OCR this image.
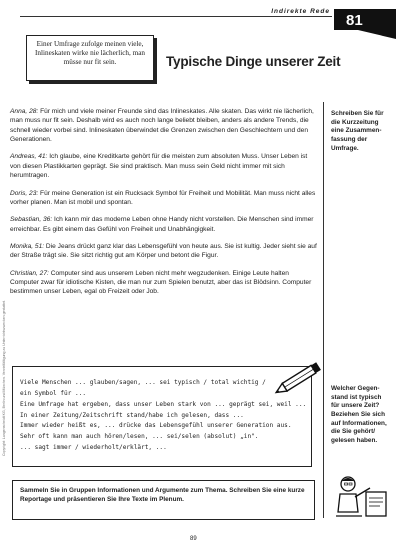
Indirekte Rede
81
Einer Umfrage zufolge meinen viele, Inlineskaten wirke nie lächerlich, man müsse nur fit sein.	Typische Dinge unserer Zeit

Anna, 28: Für mich und viele meiner Freunde sind das Inlineskates. Alle skaten. Das wirkt nie lächerlich, man muss nur fit sein. Deshalb wird es auch noch lange beliebt bleiben, anders als andere Trends, die schnell wieder vorbei sind. Inlineskaten überwindet die Grenzen zwischen den Geschlechtern und den Generationen.

Andreas, 41: Ich glaube, eine Kreditkarte gehört für die meisten zum absoluten Muss. Unser Leben ist von diesen Plastikkarten geprägt. Sie sind praktisch. Man muss sein Geld nicht immer mit sich herumtragen.

Doris, 23: Für meine Generation ist ein Rucksack Symbol für Freiheit und Mobilität. Man muss nicht alles vorher planen. Man ist mobil und spontan.

Sebastian, 36: Ich kann mir das moderne Leben ohne Handy nicht vorstellen. Die Menschen sind immer erreichbar. Es gibt einem das Gefühl von Freiheit und Unabhängigkeit.

Monika, 51: Die Jeans drückt ganz klar das Lebensgefühl von heute aus. Sie ist kultig. Jeder sieht sie auf der Straße trägt sie. Sie sitzt richtig gut am Körper und betont die Figur.

Christian, 27: Computer sind aus unserem Leben nicht mehr wegzudenken. Einige Leute halten Computer zwar für idiotische Kisten, die man nur zum Spielen benutzt, aber das ist Blödsinn. Computer bestimmen unser Leben, egal ob Freizeit oder Job.

Schreiben Sie für die Kurzzeitung eine Zusammenfassung der Umfrage.
Welcher Gegenstand ist typisch für unsere Zeit? Beziehen Sie sich auf Informationen, die Sie gehört/ gelesen haben.
Viele Menschen ... glauben/sagen, ... sei typisch / total wichtig /
ein Symbol für ...
Eine Umfrage hat ergeben, dass unser Leben stark von ... geprägt sei, weil ...
In einer Zeitung/Zeitschrift stand/habe ich gelesen, dass ...
Immer wieder heißt es, ... drücke das Lebensgefühl unserer Generation aus.
Sehr oft kann man auch hören/lesen, ... sei/selen (absolut) „in".
... sagt immer / wiederholt/erklärt, ...
Sammeln Sie in Gruppen Informationen und Argumente zum Thema. Schreiben Sie eine kurze Reportage und präsentieren Sie Ihre Texte im Plenum.
89
Copyright: Langenscheidt KG, Berlin und München. Vervielfältigung zu Unterrichtszwecken gestattet.
